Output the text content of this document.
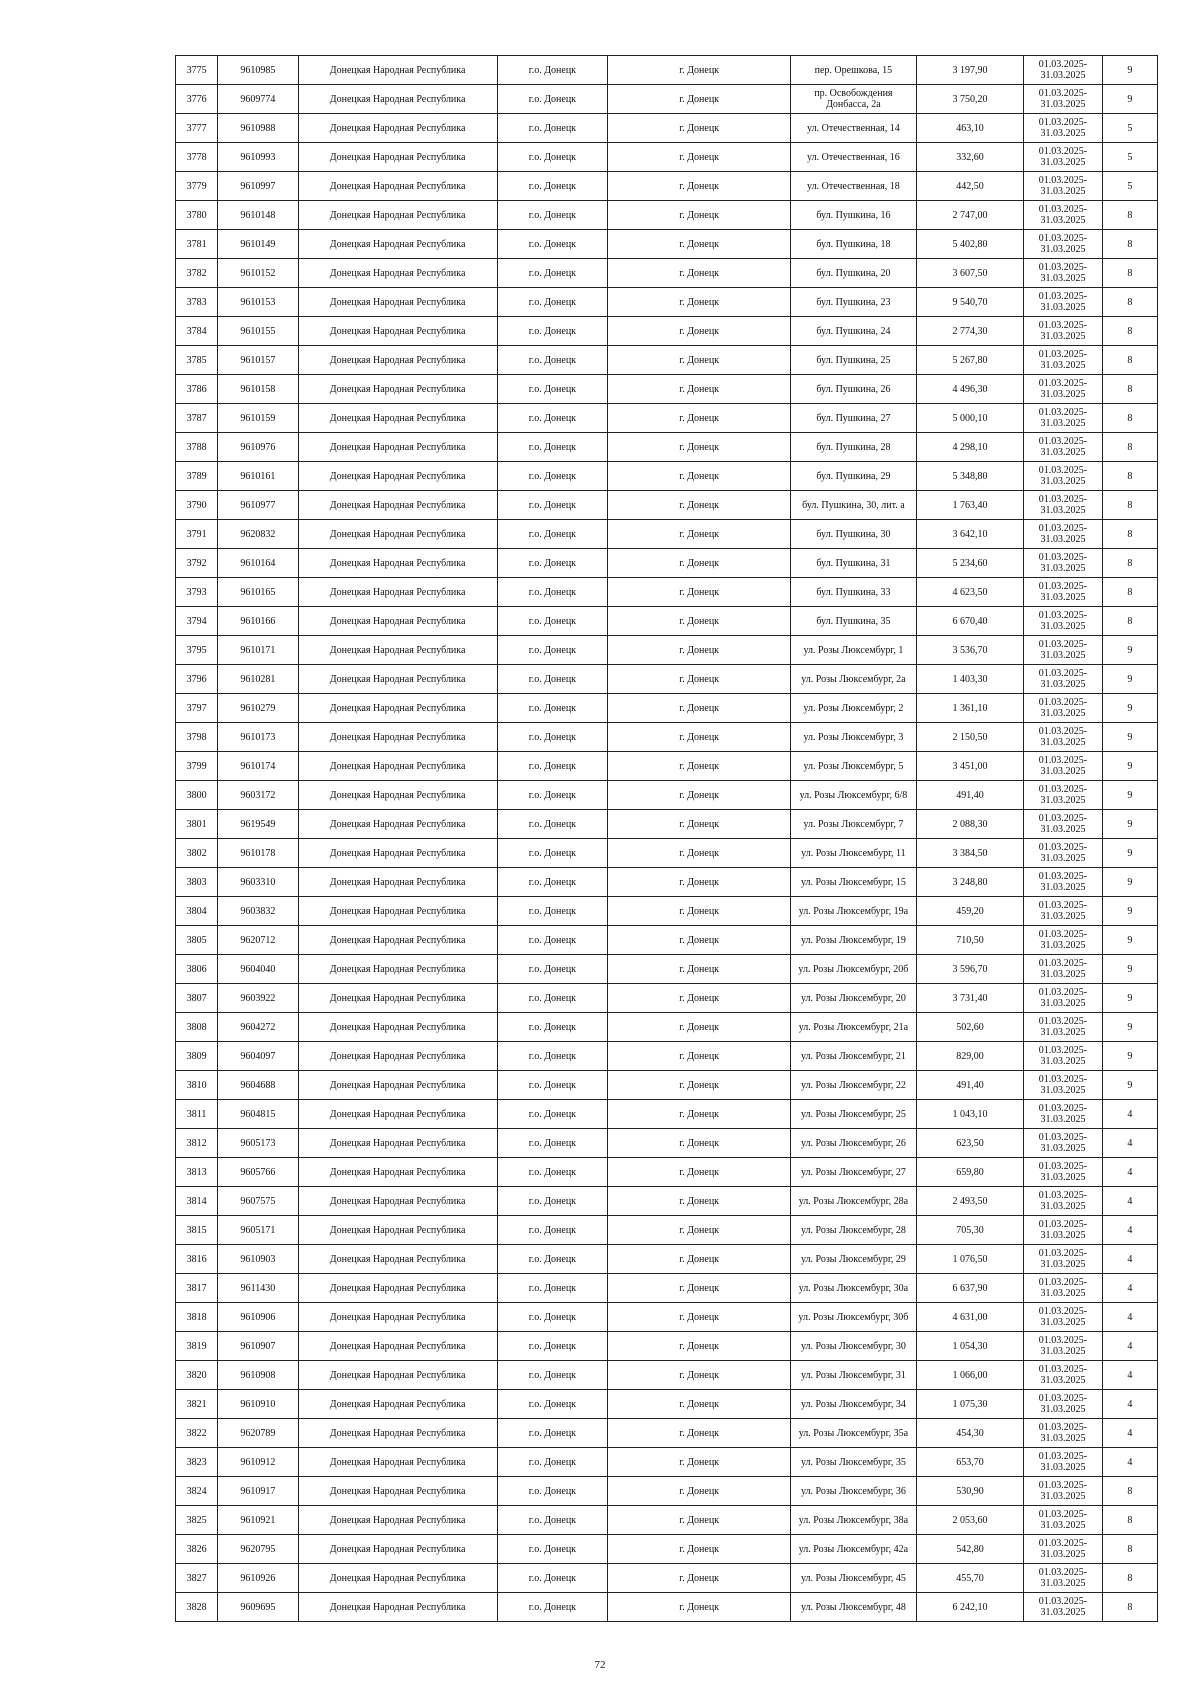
3775	9610985	Донецкая Народная Республика	г.о. Донецк	г. Донецк	пер. Орешкова, 15	3 197,90	01.03.2025-31.03.2025	9
3776	9609774	Донецкая Народная Республика	г.о. Донецк	г. Донецк	пр. Освобождения Донбасса, 2а	3 750,20	01.03.2025-31.03.2025	9
3777	9610988	Донецкая Народная Республика	г.о. Донецк	г. Донецк	ул. Отечественная, 14	463,10	01.03.2025-31.03.2025	5
3778	9610993	Донецкая Народная Республика	г.о. Донецк	г. Донецк	ул. Отечественная, 16	332,60	01.03.2025-31.03.2025	5
3779	9610997	Донецкая Народная Республика	г.о. Донецк	г. Донецк	ул. Отечественная, 18	442,50	01.03.2025-31.03.2025	5
3780	9610148	Донецкая Народная Республика	г.о. Донецк	г. Донецк	бул. Пушкина, 16	2 747,00	01.03.2025-31.03.2025	8
3781	9610149	Донецкая Народная Республика	г.о. Донецк	г. Донецк	бул. Пушкина, 18	5 402,80	01.03.2025-31.03.2025	8
3782	9610152	Донецкая Народная Республика	г.о. Донецк	г. Донецк	бул. Пушкина, 20	3 607,50	01.03.2025-31.03.2025	8
3783	9610153	Донецкая Народная Республика	г.о. Донецк	г. Донецк	бул. Пушкина, 23	9 540,70	01.03.2025-31.03.2025	8
3784	9610155	Донецкая Народная Республика	г.о. Донецк	г. Донецк	бул. Пушкина, 24	2 774,30	01.03.2025-31.03.2025	8
3785	9610157	Донецкая Народная Республика	г.о. Донецк	г. Донецк	бул. Пушкина, 25	5 267,80	01.03.2025-31.03.2025	8
3786	9610158	Донецкая Народная Республика	г.о. Донецк	г. Донецк	бул. Пушкина, 26	4 496,30	01.03.2025-31.03.2025	8
3787	9610159	Донецкая Народная Республика	г.о. Донецк	г. Донецк	бул. Пушкина, 27	5 000,10	01.03.2025-31.03.2025	8
3788	9610976	Донецкая Народная Республика	г.о. Донецк	г. Донецк	бул. Пушкина, 28	4 298,10	01.03.2025-31.03.2025	8
3789	9610161	Донецкая Народная Республика	г.о. Донецк	г. Донецк	бул. Пушкина, 29	5 348,80	01.03.2025-31.03.2025	8
3790	9610977	Донецкая Народная Республика	г.о. Донецк	г. Донецк	бул. Пушкина, 30, лит. а	1 763,40	01.03.2025-31.03.2025	8
3791	9620832	Донецкая Народная Республика	г.о. Донецк	г. Донецк	бул. Пушкина, 30	3 642,10	01.03.2025-31.03.2025	8
3792	9610164	Донецкая Народная Республика	г.о. Донецк	г. Донецк	бул. Пушкина, 31	5 234,60	01.03.2025-31.03.2025	8
3793	9610165	Донецкая Народная Республика	г.о. Донецк	г. Донецк	бул. Пушкина, 33	4 623,50	01.03.2025-31.03.2025	8
3794	9610166	Донецкая Народная Республика	г.о. Донецк	г. Донецк	бул. Пушкина, 35	6 670,40	01.03.2025-31.03.2025	8
3795	9610171	Донецкая Народная Республика	г.о. Донецк	г. Донецк	ул. Розы Люксембург, 1	3 536,70	01.03.2025-31.03.2025	9
3796	9610281	Донецкая Народная Республика	г.о. Донецк	г. Донецк	ул. Розы Люксембург, 2а	1 403,30	01.03.2025-31.03.2025	9
3797	9610279	Донецкая Народная Республика	г.о. Донецк	г. Донецк	ул. Розы Люксембург, 2	1 361,10	01.03.2025-31.03.2025	9
3798	9610173	Донецкая Народная Республика	г.о. Донецк	г. Донецк	ул. Розы Люксембург, 3	2 150,50	01.03.2025-31.03.2025	9
3799	9610174	Донецкая Народная Республика	г.о. Донецк	г. Донецк	ул. Розы Люксембург, 5	3 451,00	01.03.2025-31.03.2025	9
3800	9603172	Донецкая Народная Республика	г.о. Донецк	г. Донецк	ул. Розы Люксембург, 6/8	491,40	01.03.2025-31.03.2025	9
3801	9619549	Донецкая Народная Республика	г.о. Донецк	г. Донецк	ул. Розы Люксембург, 7	2 088,30	01.03.2025-31.03.2025	9
3802	9610178	Донецкая Народная Республика	г.о. Донецк	г. Донецк	ул. Розы Люксембург, 11	3 384,50	01.03.2025-31.03.2025	9
3803	9603310	Донецкая Народная Республика	г.о. Донецк	г. Донецк	ул. Розы Люксембург, 15	3 248,80	01.03.2025-31.03.2025	9
3804	9603832	Донецкая Народная Республика	г.о. Донецк	г. Донецк	ул. Розы Люксембург, 19а	459,20	01.03.2025-31.03.2025	9
3805	9620712	Донецкая Народная Республика	г.о. Донецк	г. Донецк	ул. Розы Люксембург, 19	710,50	01.03.2025-31.03.2025	9
3806	9604040	Донецкая Народная Республика	г.о. Донецк	г. Донецк	ул. Розы Люксембург, 20б	3 596,70	01.03.2025-31.03.2025	9
3807	9603922	Донецкая Народная Республика	г.о. Донецк	г. Донецк	ул. Розы Люксембург, 20	3 731,40	01.03.2025-31.03.2025	9
3808	9604272	Донецкая Народная Республика	г.о. Донецк	г. Донецк	ул. Розы Люксембург, 21а	502,60	01.03.2025-31.03.2025	9
3809	9604097	Донецкая Народная Республика	г.о. Донецк	г. Донецк	ул. Розы Люксембург, 21	829,00	01.03.2025-31.03.2025	9
3810	9604688	Донецкая Народная Республика	г.о. Донецк	г. Донецк	ул. Розы Люксембург, 22	491,40	01.03.2025-31.03.2025	9
3811	9604815	Донецкая Народная Республика	г.о. Донецк	г. Донецк	ул. Розы Люксембург, 25	1 043,10	01.03.2025-31.03.2025	4
3812	9605173	Донецкая Народная Республика	г.о. Донецк	г. Донецк	ул. Розы Люксембург, 26	623,50	01.03.2025-31.03.2025	4
3813	9605766	Донецкая Народная Республика	г.о. Донецк	г. Донецк	ул. Розы Люксембург, 27	659,80	01.03.2025-31.03.2025	4
3814	9607575	Донецкая Народная Республика	г.о. Донецк	г. Донецк	ул. Розы Люксембург, 28а	2 493,50	01.03.2025-31.03.2025	4
3815	9605171	Донецкая Народная Республика	г.о. Донецк	г. Донецк	ул. Розы Люксембург, 28	705,30	01.03.2025-31.03.2025	4
3816	9610903	Донецкая Народная Республика	г.о. Донецк	г. Донецк	ул. Розы Люксембург, 29	1 076,50	01.03.2025-31.03.2025	4
3817	9611430	Донецкая Народная Республика	г.о. Донецк	г. Донецк	ул. Розы Люксембург, 30а	6 637,90	01.03.2025-31.03.2025	4
3818	9610906	Донецкая Народная Республика	г.о. Донецк	г. Донецк	ул. Розы Люксембург, 30б	4 631,00	01.03.2025-31.03.2025	4
3819	9610907	Донецкая Народная Республика	г.о. Донецк	г. Донецк	ул. Розы Люксембург, 30	1 054,30	01.03.2025-31.03.2025	4
3820	9610908	Донецкая Народная Республика	г.о. Донецк	г. Донецк	ул. Розы Люксембург, 31	1 066,00	01.03.2025-31.03.2025	4
3821	9610910	Донецкая Народная Республика	г.о. Донецк	г. Донецк	ул. Розы Люксембург, 34	1 075,30	01.03.2025-31.03.2025	4
3822	9620789	Донецкая Народная Республика	г.о. Донецк	г. Донецк	ул. Розы Люксембург, 35а	454,30	01.03.2025-31.03.2025	4
3823	9610912	Донецкая Народная Республика	г.о. Донецк	г. Донецк	ул. Розы Люксембург, 35	653,70	01.03.2025-31.03.2025	4
3824	9610917	Донецкая Народная Республика	г.о. Донецк	г. Донецк	ул. Розы Люксембург, 36	530,90	01.03.2025-31.03.2025	8
3825	9610921	Донецкая Народная Республика	г.о. Донецк	г. Донецк	ул. Розы Люксембург, 38а	2 053,60	01.03.2025-31.03.2025	8
3826	9620795	Донецкая Народная Республика	г.о. Донецк	г. Донецк	ул. Розы Люксембург, 42а	542,80	01.03.2025-31.03.2025	8
3827	9610926	Донецкая Народная Республика	г.о. Донецк	г. Донецк	ул. Розы Люксембург, 45	455,70	01.03.2025-31.03.2025	8
3828	9609695	Донецкая Народная Республика	г.о. Донецк	г. Донецк	ул. Розы Люксембург, 48	6 242,10	01.03.2025-31.03.2025	8
72
